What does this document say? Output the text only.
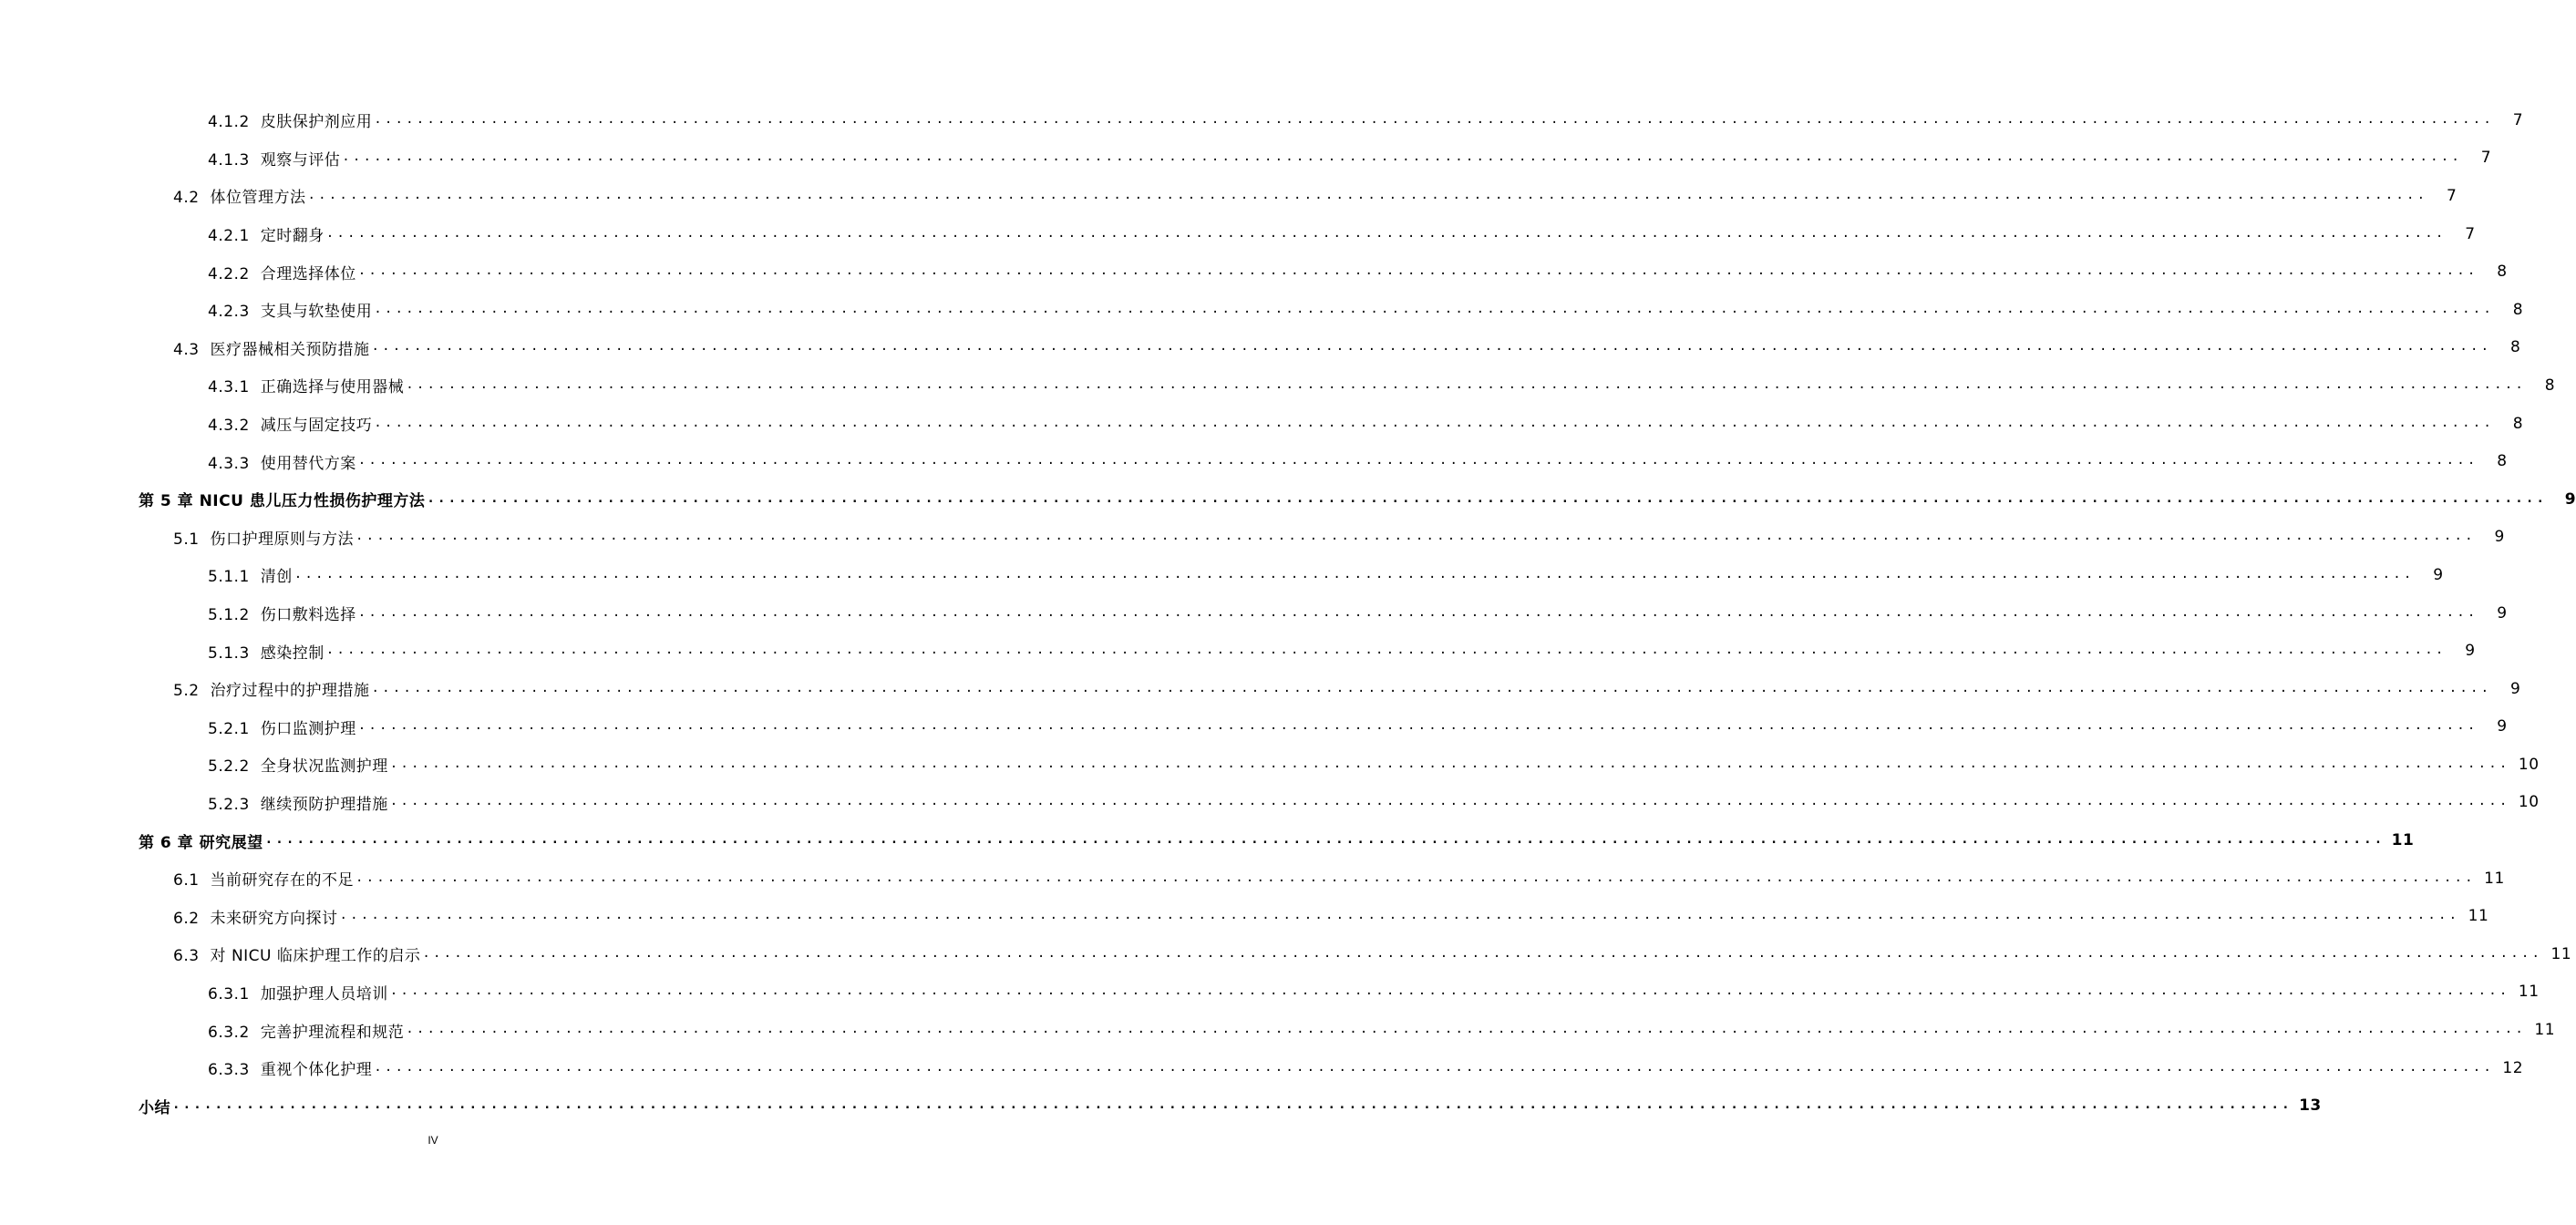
4.1.2 皮肤保护剂应用 ........................................................................................................................................................................................................	7
4.1.3 观察与评估 ........................................................................................................................................................................................................	7
4.2 体位管理方法 ........................................................................................................................................................................................................	7
4.2.1 定时翻身 ........................................................................................................................................................................................................	7
4.2.2 合理选择体位 ........................................................................................................................................................................................................	8
4.2.3 支具与软垫使用 ........................................................................................................................................................................................................	8
4.3 医疗器械相关预防措施 ........................................................................................................................................................................................................	8
4.3.1 正确选择与使用器械 ........................................................................................................................................................................................................	8
4.3.2 减压与固定技巧 ........................................................................................................................................................................................................	8
4.3.3 使用替代方案 ........................................................................................................................................................................................................	8
第 5 章 NICU 患儿压力性损伤护理方法 ........................................................................................................................................................................................................	9
5.1 伤口护理原则与方法 ........................................................................................................................................................................................................	9
5.1.1 清创 ........................................................................................................................................................................................................	9
5.1.2 伤口敷料选择 ........................................................................................................................................................................................................	9
5.1.3 感染控制 ........................................................................................................................................................................................................	9
5.2 治疗过程中的护理措施 ........................................................................................................................................................................................................	9
5.2.1 伤口监测护理 ........................................................................................................................................................................................................	9
5.2.2 全身状况监测护理 ........................................................................................................................................................................................................ 10
5.2.3 继续预防护理措施 ........................................................................................................................................................................................................ 10
第 6 章 研究展望 ........................................................................................................................................................................................................ 11
6.1 当前研究存在的不足 ........................................................................................................................................................................................................ 11
6.2 未来研究方向探讨 ........................................................................................................................................................................................................ 11
6.3 对 NICU 临床护理工作的启示 ........................................................................................................................................................................................................ 11
6.3.1 加强护理人员培训 ........................................................................................................................................................................................................ 11
6.3.2 完善护理流程和规范 ........................................................................................................................................................................................................ 11
6.3.3 重视个体化护理 ........................................................................................................................................................................................................ 12
小结 ........................................................................................................................................................................................................ 13
IV
